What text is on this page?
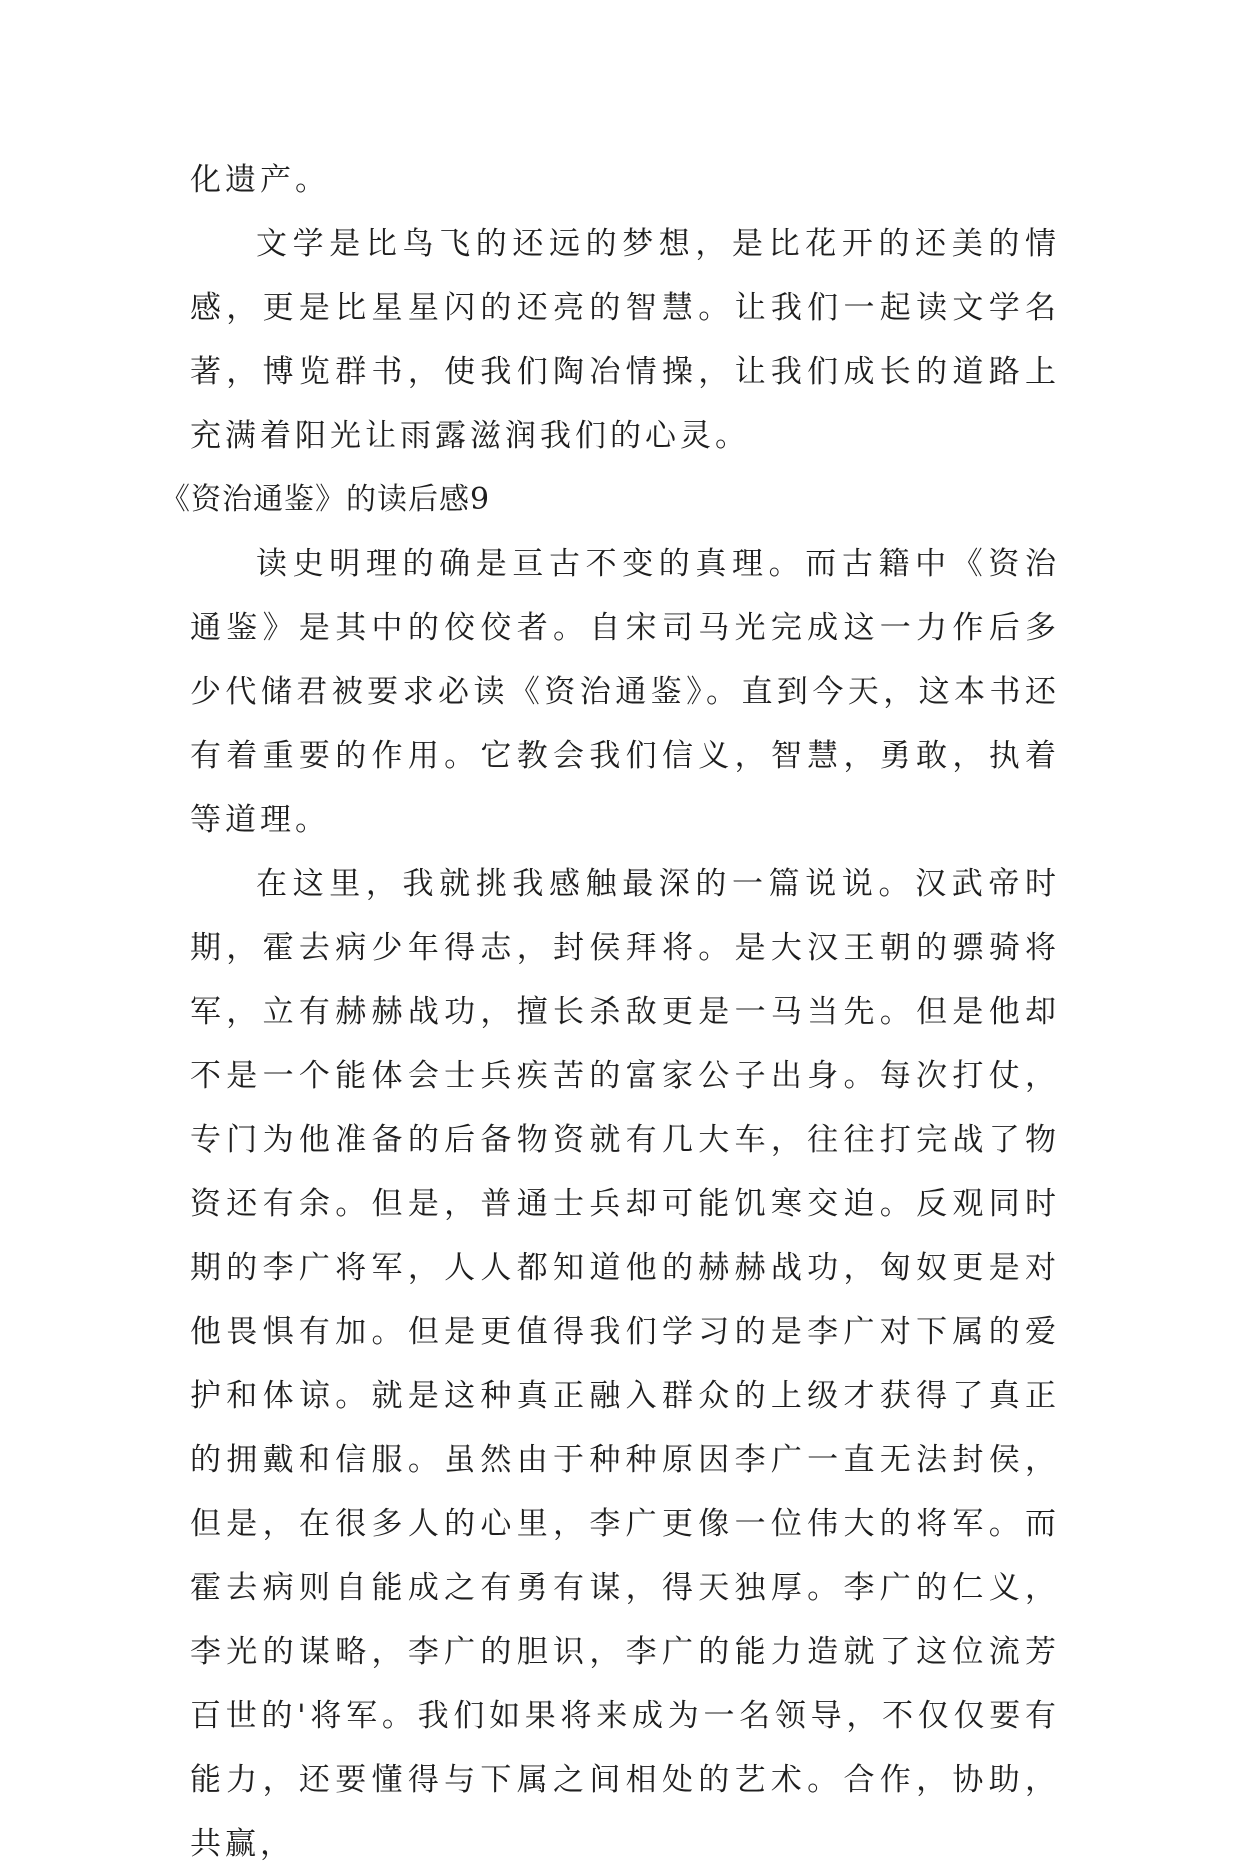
化遗产。

文学是比鸟飞的还远的梦想，是比花开的还美的情感，更是比星星闪的还亮的智慧。让我们一起读文学名著，博览群书，使我们陶冶情操，让我们成长的道路上充满着阳光让雨露滋润我们的心灵。

《资治通鉴》的读后感9

读史明理的确是亘古不变的真理。而古籍中《资治通鉴》是其中的佼佼者。自宋司马光完成这一力作后多少代储君被要求必读《资治通鉴》。直到今天，这本书还有着重要的作用。它教会我们信义，智慧，勇敢，执着等道理。

在这里，我就挑我感触最深的一篇说说。汉武帝时期，霍去病少年得志，封侯拜将。是大汉王朝的骠骑将军，立有赫赫战功，擅长杀敌更是一马当先。但是他却不是一个能体会士兵疾苦的富家公子出身。每次打仗，专门为他准备的后备物资就有几大车，往往打完战了物资还有余。但是，普通士兵却可能饥寒交迫。反观同时期的李广将军，人人都知道他的赫赫战功，匈奴更是对他畏惧有加。但是更值得我们学习的是李广对下属的爱护和体谅。就是这种真正融入群众的上级才获得了真正的拥戴和信服。虽然由于种种原因李广一直无法封侯，但是，在很多人的心里，李广更像一位伟大的将军。而霍去病则自能成之有勇有谋，得天独厚。李广的仁义，李光的谋略，李广的胆识，李广的能力造就了这位流芳百世的'将军。我们如果将来成为一名领导，不仅仅要有能力，还要懂得与下属之间相处的艺术。合作，协助，共赢，
